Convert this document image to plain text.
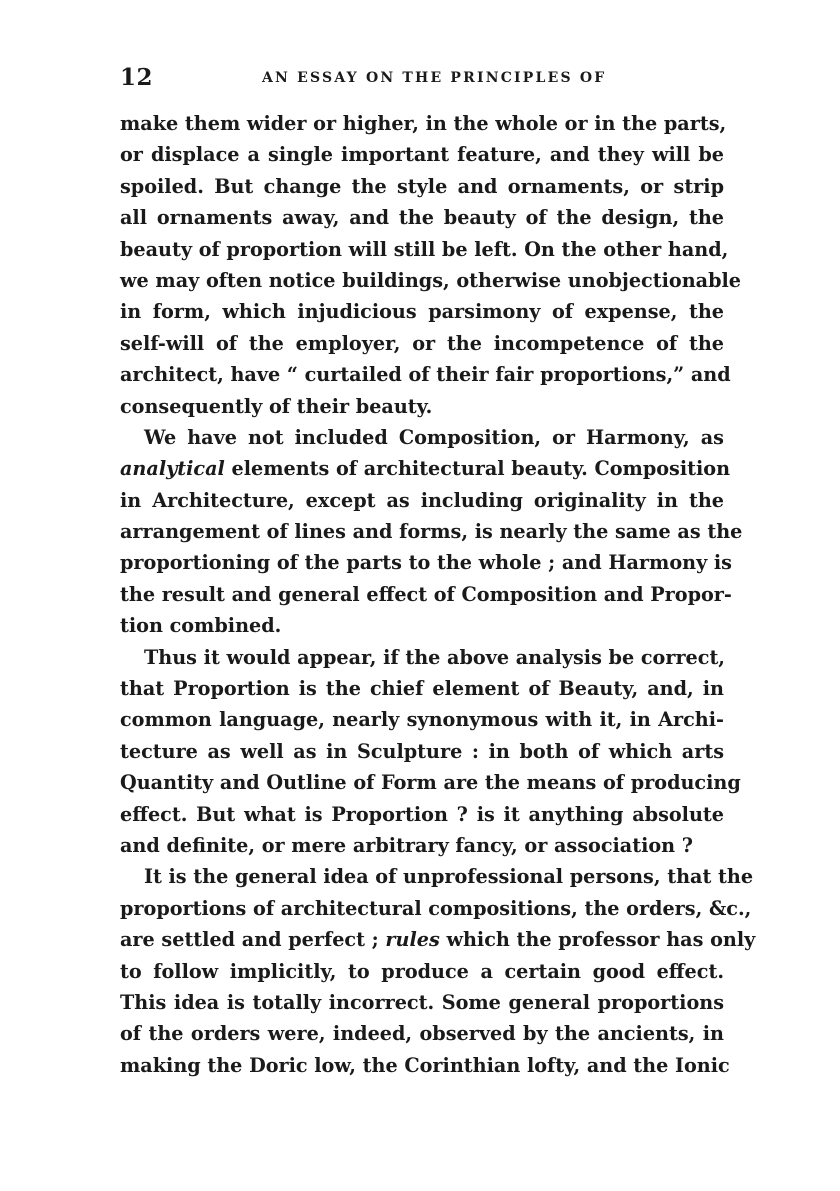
12	AN ESSAY ON THE PRINCIPLES OF
make them wider or higher, in the whole or in the parts,
or displace a single important feature, and they will be
spoiled. But change the style and ornaments, or strip
all ornaments away, and the beauty of the design, the
beauty of proportion will still be left. On the other hand,
we may often notice buildings, otherwise unobjectionable
in form, which injudicious parsimony of expense, the
self-will of the employer, or the incompetence of the
architect, have “ curtailed of their fair proportions,” and
consequently of their beauty.
We have not included Composition, or Harmony, as
analytical elements of architectural beauty. Composition
in Architecture, except as including originality in the
arrangement of lines and forms, is nearly the same as the
proportioning of the parts to the whole ; and Harmony is
the result and general effect of Composition and Propor-
tion combined.
Thus it would appear, if the above analysis be correct,
that Proportion is the chief element of Beauty, and, in
common language, nearly synonymous with it, in Archi-
tecture as well as in Sculpture : in both of which arts
Quantity and Outline of Form are the means of producing
effect. But what is Proportion ? is it anything absolute
and definite, or mere arbitrary fancy, or association ?
It is the general idea of unprofessional persons, that the
proportions of architectural compositions, the orders, &c.,
are settled and perfect ; rules which the professor has only
to follow implicitly, to produce a certain good effect.
This idea is totally incorrect. Some general proportions
of the orders were, indeed, observed by the ancients, in
making the Doric low, the Corinthian lofty, and the Ionic
